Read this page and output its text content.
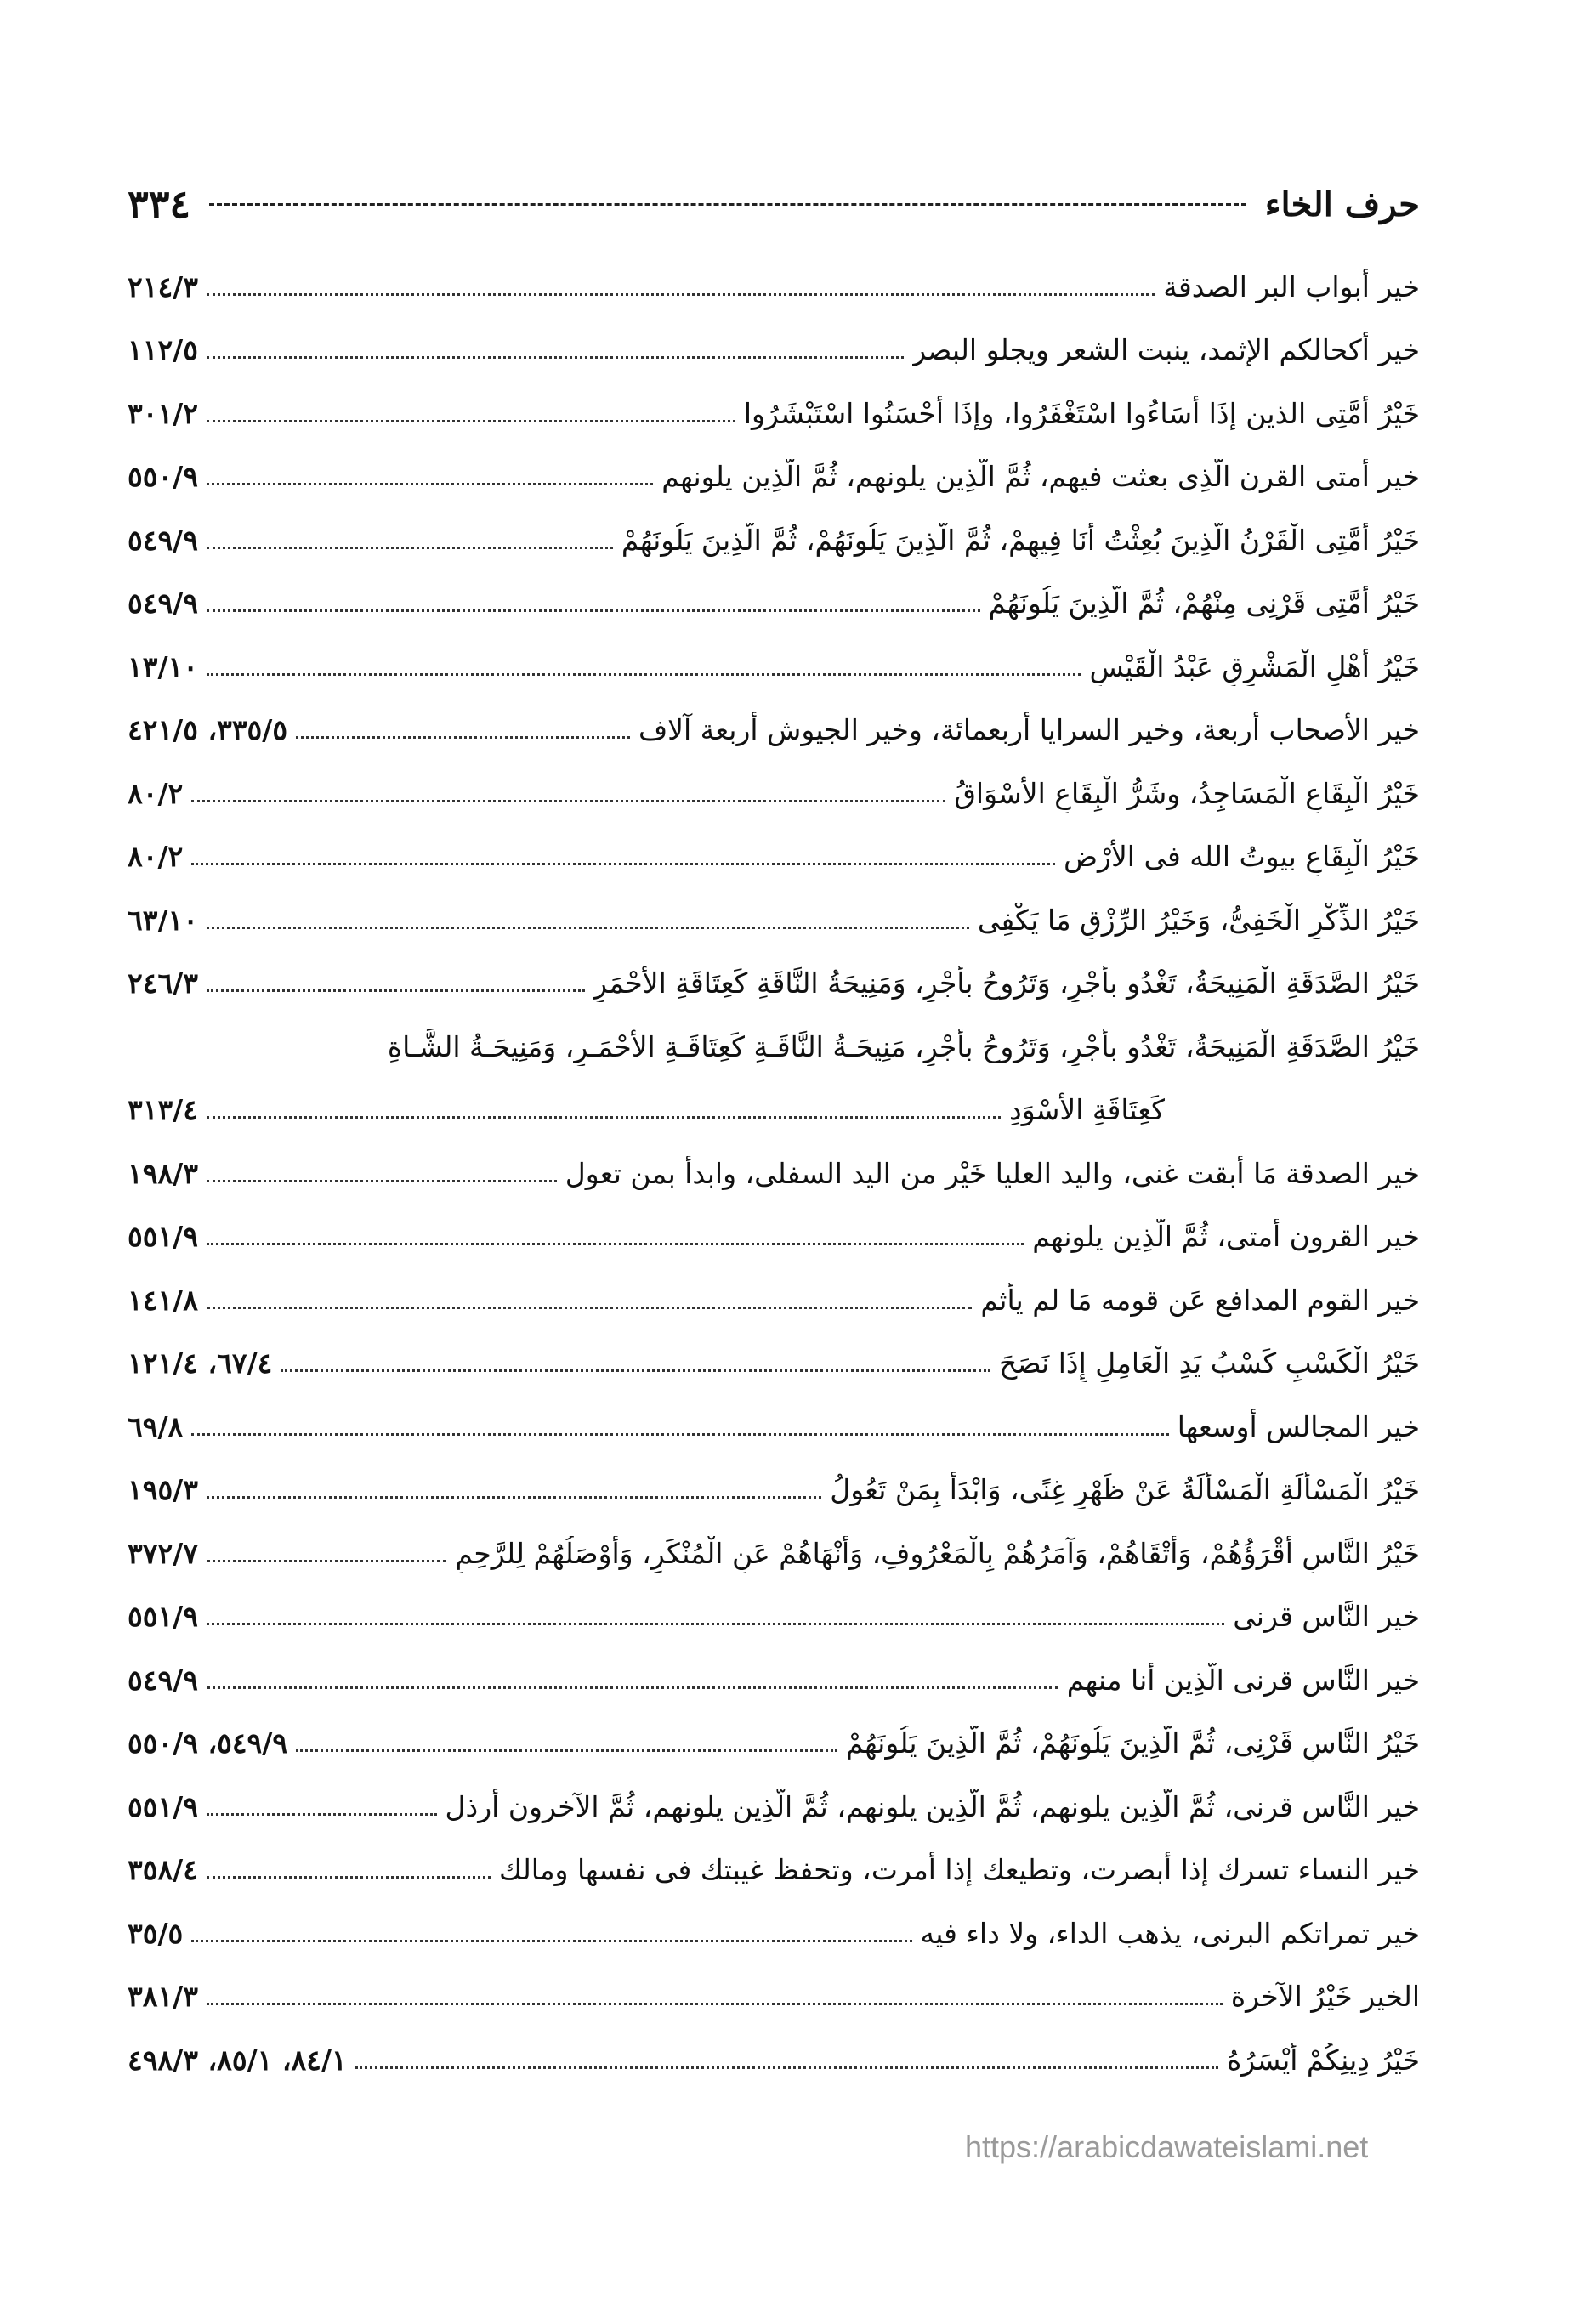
٣٣٤	حرف الخاء
خير أبواب البر الصدقة
٢١٤/٣
خير أكحالكم الإثمد، ينبت الشعر ويجلو البصر
١١٢/٥
خَيْرُ أُمَّتِى الذين إذَا أسَاءُوا اسْتَغْفَرُوا، وإذَا أحْسَنُوا اسْتَبْشَرُوا
٣٠١/٢
خير أمتى القرن الّذِى بعثت فيهم، ثُمَّ الّذِين يلونهم، ثُمَّ الّذِين يلونهم
٥٥٠/٩
خَيْرُ أُمَّتِى الْقَرْنُ الَّذِينَ بُعِثْتُ أَنَا فِيهِمْ، ثُمَّ الَّذِينَ يَلُونَهُمْ، ثُمَّ الَّذِينَ يَلُونَهُمْ
٥٤٩/٩
خَيْرُ أُمَّتِى قَرْنِى مِنْهُمْ، ثُمَّ الَّذِينَ يَلُونَهُمْ
٥٤٩/٩
خَيْرُ أَهْلِ الْمَشْرِقِ عَبْدُ الْقَيْسِ
١٣/١٠
خير الأصحاب أربعة، وخير السرايا أربعمائة، وخير الجيوش أربعة آلاف
٣٣٥/٥، ٤٢١/٥
خَيْرُ الْبِقَاعِ الْمَسَاجِدُ، وشَرُّ الْبِقَاعِ الأَسْوَاقُ
٨٠/٢
خَيْرُ الْبِقَاعِ بيوتُ الله فى الأرْضِ
٨٠/٢
خَيْرُ الذِّكْرِ الْخَفِىُّ، وَخَيْرُ الرِّزْقِ مَا يَكْفِى
٦٣/١٠
خَيْرُ الصَّدَقَةِ الْمَنِيحَةُ، تَغْدُو بأجْرٍ، وَتَرُوحُ بأجْرٍ، وَمَنِيحَةُ النَّاقَةِ كَعِتَاقَةِ الأحْمَرِ
٢٤٦/٣
خَيْرُ الصَّدَقَةِ الْمَنِيحَةُ، تَغْدُو بأجْرٍ، وَتَرُوحُ بأجْرٍ، مَنِيحَـةُ النَّاقَـةِ كَعِتَاقَـةِ الأحْمَـرِ، وَمَنِيحَـةُ الشَّـاةِ
كَعِتَاقَةِ الأَسْوَدِ
٣١٣/٤
خير الصدقة مَا أبقت غنى، واليد العليا خَيْر من اليد السفلى، وابدأ بمن تعول
١٩٨/٣
خير القرون أمتى، ثُمَّ الّذِين يلونهم
٥٥١/٩
خير القوم المدافع عَن قومه مَا لم يأثم
١٤١/٨
خَيْرُ الْكَسْبِ كَسْبُ يَدِ الْعَامِلِ إِذَا نَصَحَ
٦٧/٤، ١٢١/٤
خير المجالس أوسعها
٦٩/٨
خَيْرُ الْمَسْأَلَةِ الْمَسْأَلَةُ عَنْ ظَهْرِ غِنًى، وَابْدَأْ بِمَنْ تَعُولُ
١٩٥/٣
خَيْرُ النَّاسِ أَقْرَؤُهُمْ، وَأَتْقَاهُمْ، وَآمَرُهُمْ بِالْمَعْرُوفِ، وَأَنْهَاهُمْ عَنِ الْمُنْكَرِ، وَأَوْصَلُهُمْ لِلرَّحِمِ
٣٧٢/٧
خير النَّاس قرنى
٥٥١/٩
خير النَّاس قرنى الّذِين أنا منهم
٥٤٩/٩
خَيْرُ النَّاسِ قَرْنِى، ثُمَّ الَّذِينَ يَلُونَهُمْ، ثُمَّ الَّذِينَ يَلُونَهُمْ
٥٤٩/٩، ٥٥٠/٩
خير النَّاس قرنى، ثُمَّ الّذِين يلونهم، ثُمَّ الّذِين يلونهم، ثُمَّ الّذِين يلونهم، ثُمَّ الآخرون أرذل
٥٥١/٩
خير النساء تسرك إذا أبصرت، وتطيعك إذا أمرت، وتحفظ غيبتك فى نفسها ومالك
٣٥٨/٤
خير تمراتكم البرنى، يذهب الداء، ولا داء فيه
٣٥/٥
الخير خَيْرُ الآخرة
٣٨١/٣
خَيْرُ دِينِكُمْ أَيْسَرُهُ
٨٤/١، ٨٥/١، ٤٩٨/٣
https://arabicdawateislami.net
